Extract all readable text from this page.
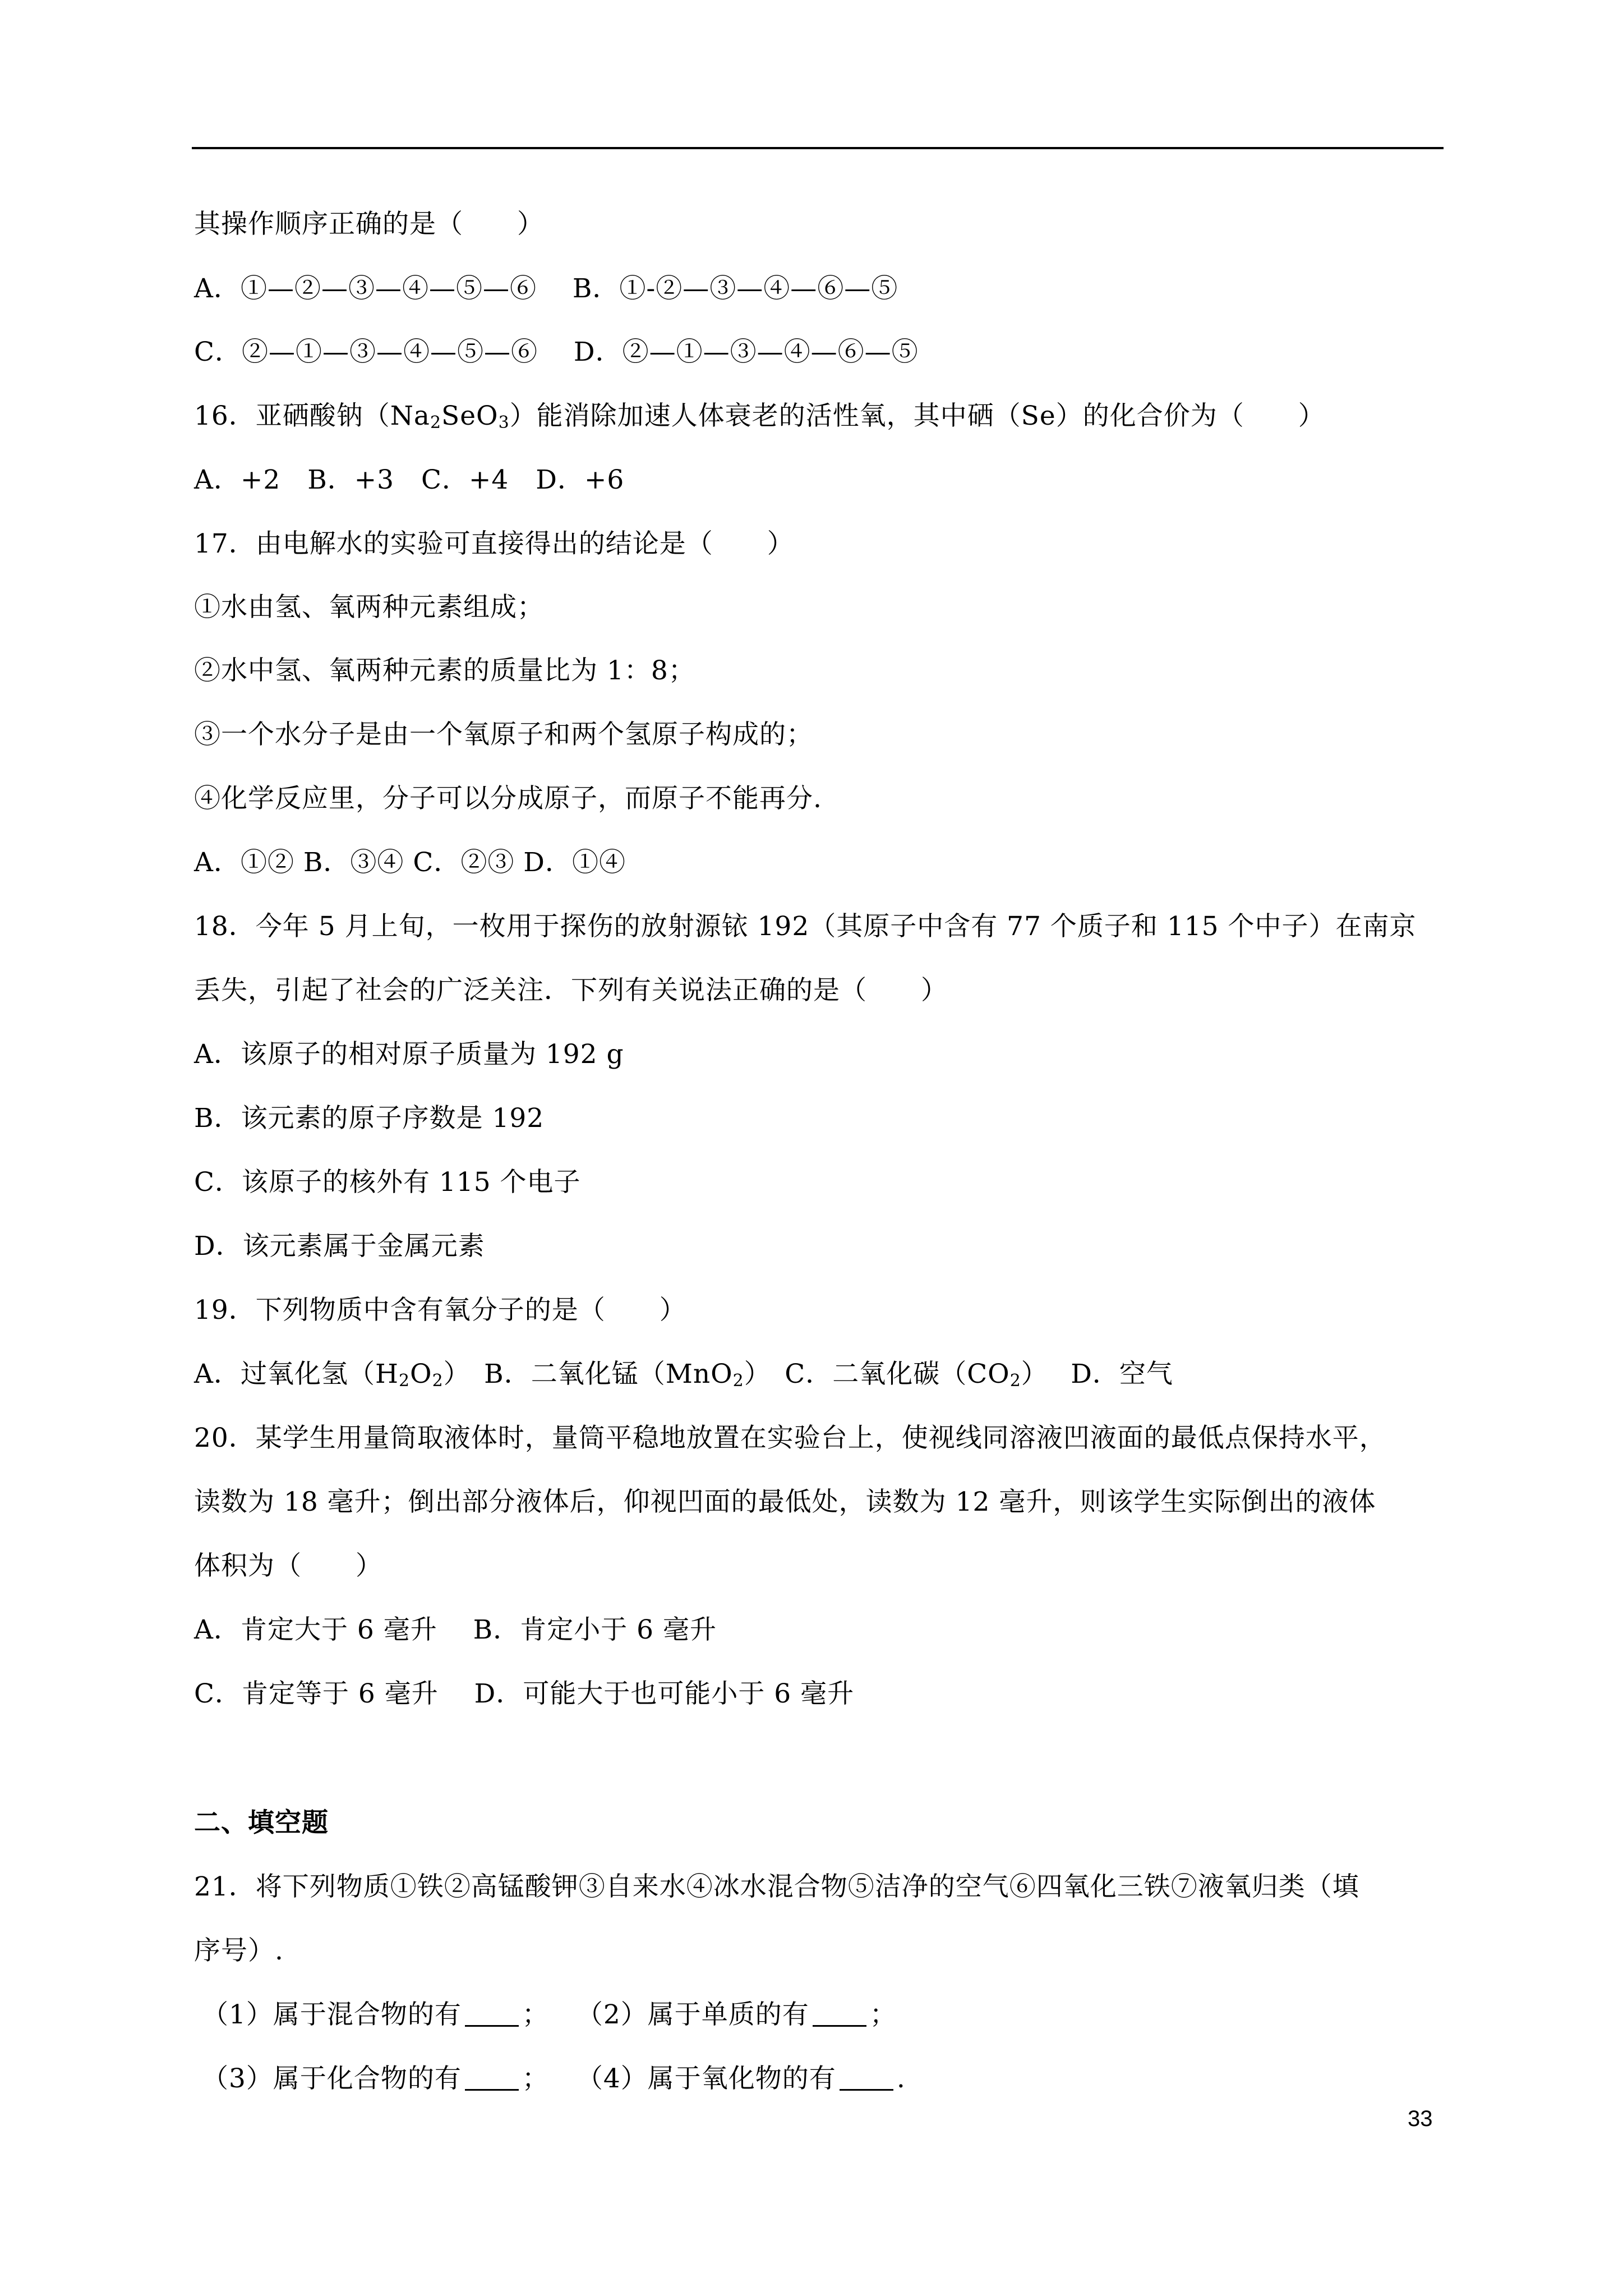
其操作顺序正确的是（　　）
A．①—②—③—④—⑤—⑥　 B．①-②—③—④—⑥—⑤
C．②—①—③—④—⑤—⑥　 D．②—①—③—④—⑥—⑤
16．亚硒酸钠$(Na_2SeO_3)$能消除加速人体衰老的活性氧，其中硒（Se）的化合价为（　　）
A．+2　B．+3　C．+4　D．+6
17．由电解水的实验可直接得出的结论是（　　）
①水由氢、氧两种元素组成；
②水中氢、氧两种元素的质量比为 1：8；
③一个水分子是由一个氧原子和两个氢原子构成的；
④化学反应里，分子可以分成原子，而原子不能再分.
A．①② B．③④ C．②③ D．①④
18．今年 5 月上旬，一枚用于探伤的放射源铱 192（其原子中含有 77 个质子和 115 个中子）在南京
丢失，引起了社会的广泛关注．下列有关说法正确的是（　　）
A．该原子的相对原子质量为 192 g
B．该元素的原子序数是 192
C．该原子的核外有 115 个电子
D．该元素属于金属元素
19．下列物质中含有氧分子的是（　　）
A．过氧化氢$(H_2O_2)$　B．二氧化锰（MnO$_2$）　C．二氧化碳$(CO_2)$　 D．空气
20．某学生用量筒取液体时，量筒平稳地放置在实验台上，使视线同溶液凹液面的最低点保持水平，
读数为 18 毫升；倒出部分液体后，仰视凹面的最低处，读数为 12 毫升，则该学生实际倒出的液体
体积为（　　）
A．肯定大于 6 毫升　 B．肯定小于 6 毫升
C．肯定等于 6 毫升　 D．可能大于也可能小于 6 毫升
二、填空题
21．将下列物质①铁②高锰酸钾③自来水④冰水混合物⑤洁净的空气⑥四氧化三铁⑦液氧归类（填
序号）.
（1）属于混合物的有 ；　　（2）属于单质的有 ；
（3）属于化合物的有 ；　　（4）属于氧化物的有 .
33
